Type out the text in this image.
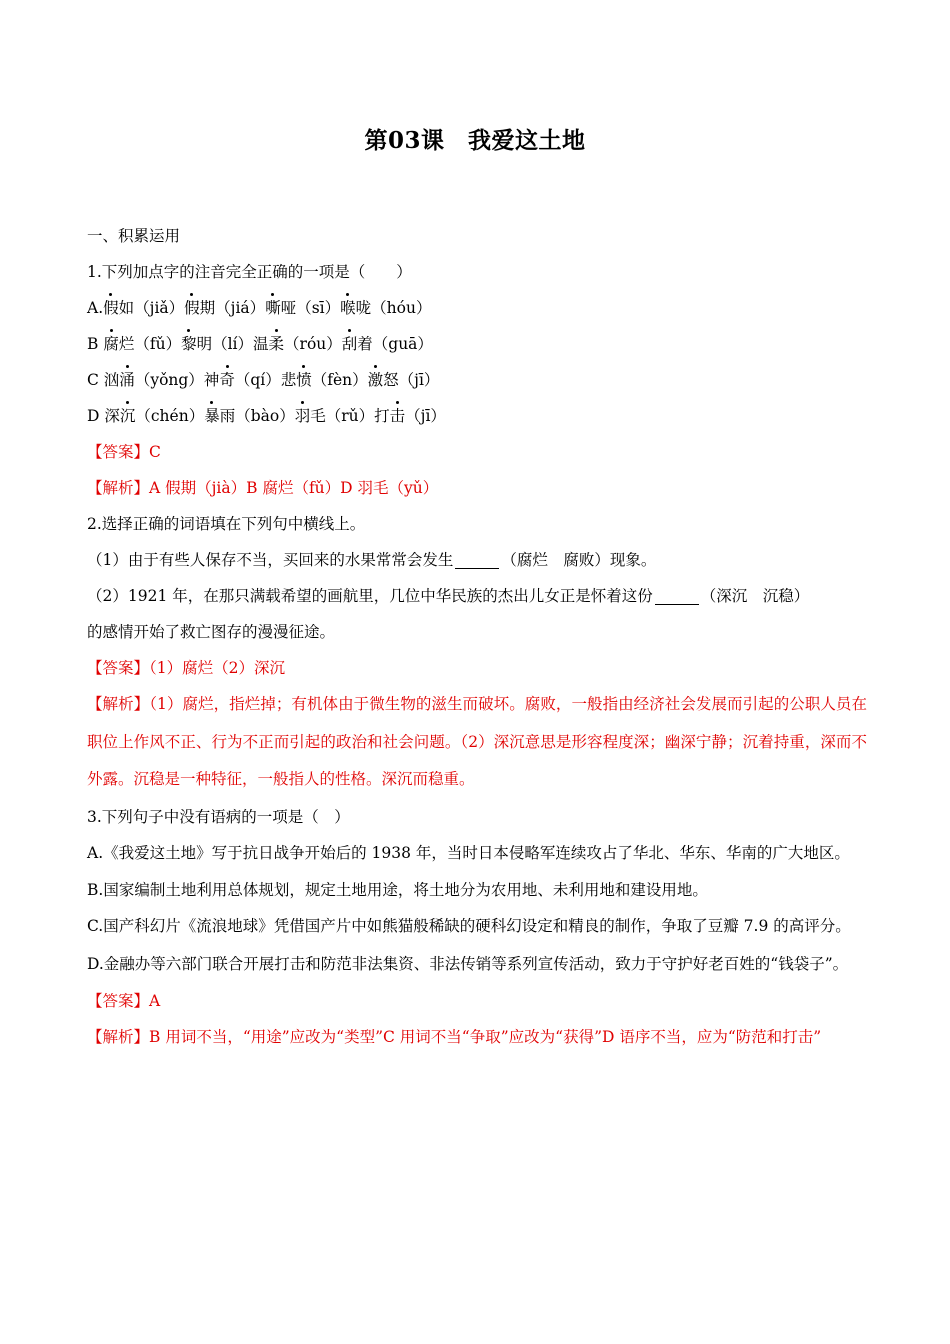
第03课　我爱这土地
一、积累运用
1.下列加点字的注音完全正确的一项是（　　）
A.假如（jiǎ）假期（jiá）嘶哑（sī）喉咙（hóu）
B 腐烂（fǔ）黎明（lí）温柔（róu）刮着（guā）
C 汹涌（yǒng）神奇（qí）悲愤（fèn）激怒（jī）
D 深沉（chén）暴雨（bào）羽毛（rǔ）打击（jī）
【答案】C
【解析】A 假期（jià）B 腐烂（fǔ）D 羽毛（yǔ）
2.选择正确的词语填在下列句中横线上。
（1）由于有些人保存不当，买回来的水果常常会发生	（腐烂　腐败）现象。
（2）1921 年，在那只满载希望的画航里，几位中华民族的杰出儿女正是怀着这份	（深沉　沉稳）
的感情开始了救亡图存的漫漫征途。
【答案】（1）腐烂（2）深沉
【解析】（1）腐烂，指烂掉；有机体由于微生物的滋生而破坏。腐败，一般指由经济社会发展而引起的公职人员在职位上作风不正、行为不正而引起的政治和社会问题。（2）深沉意思是形容程度深；幽深宁静；沉着持重，深而不外露。沉稳是一种特征，一般指人的性格。深沉而稳重。
3.下列句子中没有语病的一项是（　）
A.《我爱这土地》写于抗日战争开始后的 1938 年，当时日本侵略军连续攻占了华北、华东、华南的广大地区。
B.国家编制土地利用总体规划，规定土地用途，将土地分为农用地、未利用地和建设用地。
C.国产科幻片《流浪地球》凭借国产片中如熊猫般稀缺的硬科幻设定和精良的制作，争取了豆瓣 7.9 的高评分。
D.金融办等六部门联合开展打击和防范非法集资、非法传销等系列宣传活动，致力于守护好老百姓的“钱袋子”。
【答案】A
【解析】B 用词不当，“用途”应改为“类型”C 用词不当“争取”应改为“获得”D 语序不当，应为“防范和打击”
